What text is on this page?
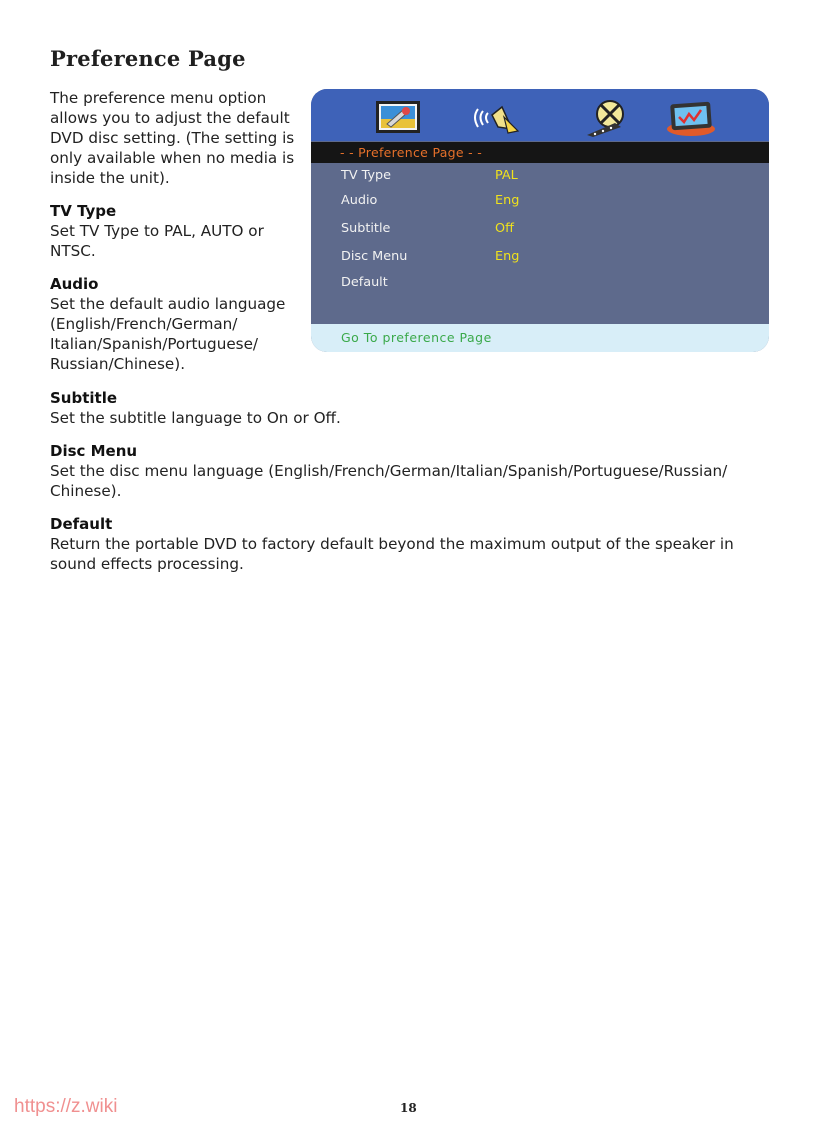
Preference Page

The preference menu option
allows you to adjust the default
DVD disc setting. (The setting is
only available when no media is
inside the unit).

TV Type

Set TV Type to PAL, AUTO or
NTSC.

Audio

Set the default audio language
(English/French/German/
Italian/Spanish/Portuguese/
Russian/Chinese).

Subtitle

Set the subtitle language to On or Off.

Disc Menu

Set the disc menu language (English/French/German/Italian/Spanish/Portuguese/Russian/
Chinese).

Default

Return the portable DVD to factory default beyond the maximum output of the speaker in
sound effects processing.

- - Preference Page - -
TV Type	PAL
Audio	Eng
Subtitle	Off
Disc Menu	Eng
Default
Go To preference Page
https://z.wiki	18
